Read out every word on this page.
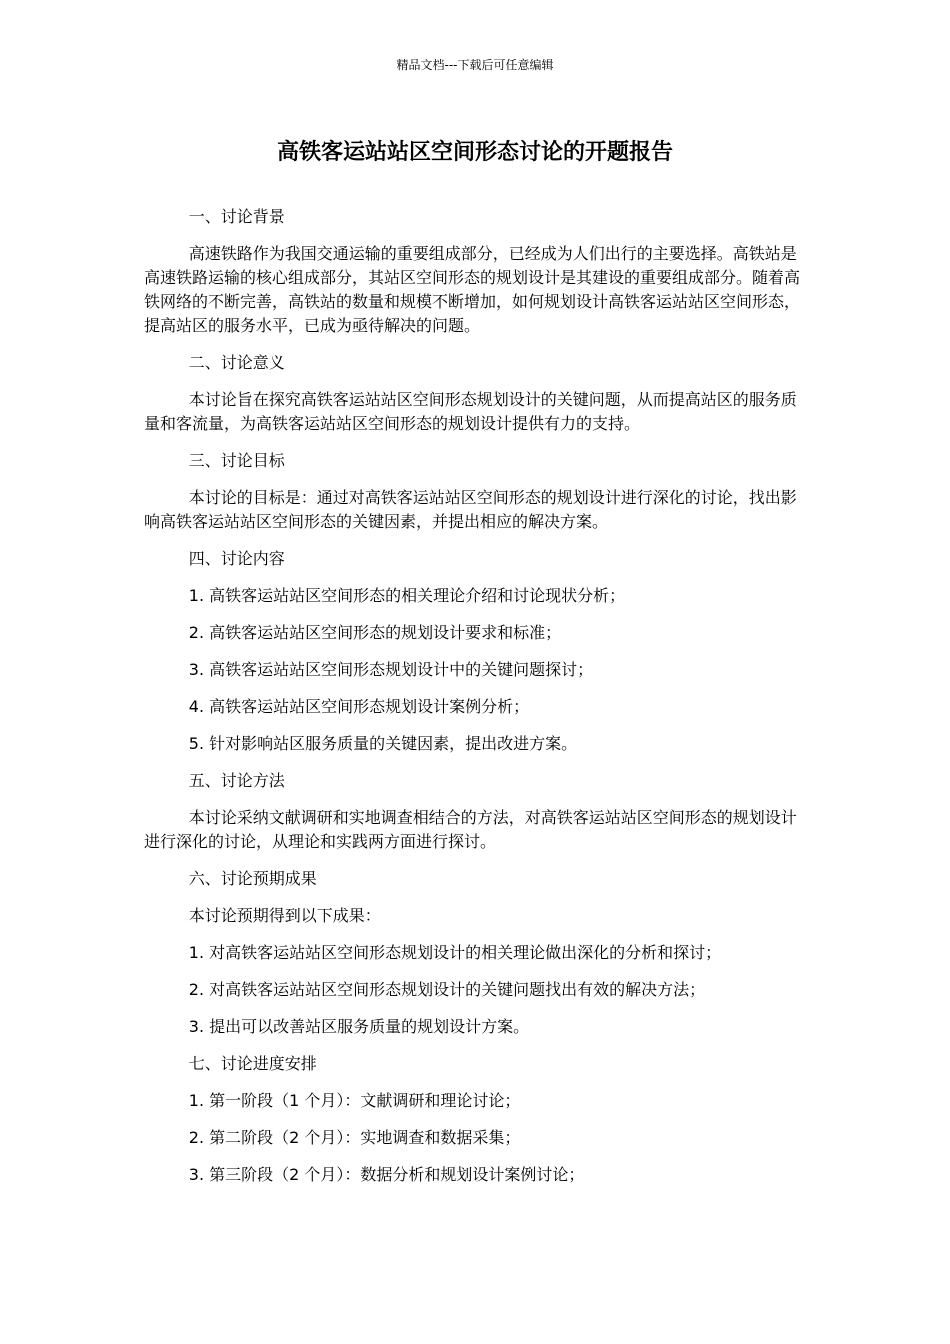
精品文档---下载后可任意编辑
高铁客运站站区空间形态讨论的开题报告

一、讨论背景

高速铁路作为我国交通运输的重要组成部分，已经成为人们出行的主要选择。高铁站是高速铁路运输的核心组成部分，其站区空间形态的规划设计是其建设的重要组成部分。随着高铁网络的不断完善，高铁站的数量和规模不断增加，如何规划设计高铁客运站站区空间形态，提高站区的服务水平，已成为亟待解决的问题。

二、讨论意义

本讨论旨在探究高铁客运站站区空间形态规划设计的关键问题，从而提高站区的服务质量和客流量，为高铁客运站站区空间形态的规划设计提供有力的支持。

三、讨论目标

本讨论的目标是：通过对高铁客运站站区空间形态的规划设计进行深化的讨论，找出影响高铁客运站站区空间形态的关键因素，并提出相应的解决方案。

四、讨论内容

1. 高铁客运站站区空间形态的相关理论介绍和讨论现状分析；

2. 高铁客运站站区空间形态的规划设计要求和标准；

3. 高铁客运站站区空间形态规划设计中的关键问题探讨；

4. 高铁客运站站区空间形态规划设计案例分析；

5. 针对影响站区服务质量的关键因素，提出改进方案。

五、讨论方法

本讨论采纳文献调研和实地调查相结合的方法，对高铁客运站站区空间形态的规划设计进行深化的讨论，从理论和实践两方面进行探讨。

六、讨论预期成果

本讨论预期得到以下成果：

1. 对高铁客运站站区空间形态规划设计的相关理论做出深化的分析和探讨；

2. 对高铁客运站站区空间形态规划设计的关键问题找出有效的解决方法；

3. 提出可以改善站区服务质量的规划设计方案。

七、讨论进度安排

1. 第一阶段（1 个月）：文献调研和理论讨论；

2. 第二阶段（2 个月）：实地调查和数据采集；

3. 第三阶段（2 个月）：数据分析和规划设计案例讨论；
